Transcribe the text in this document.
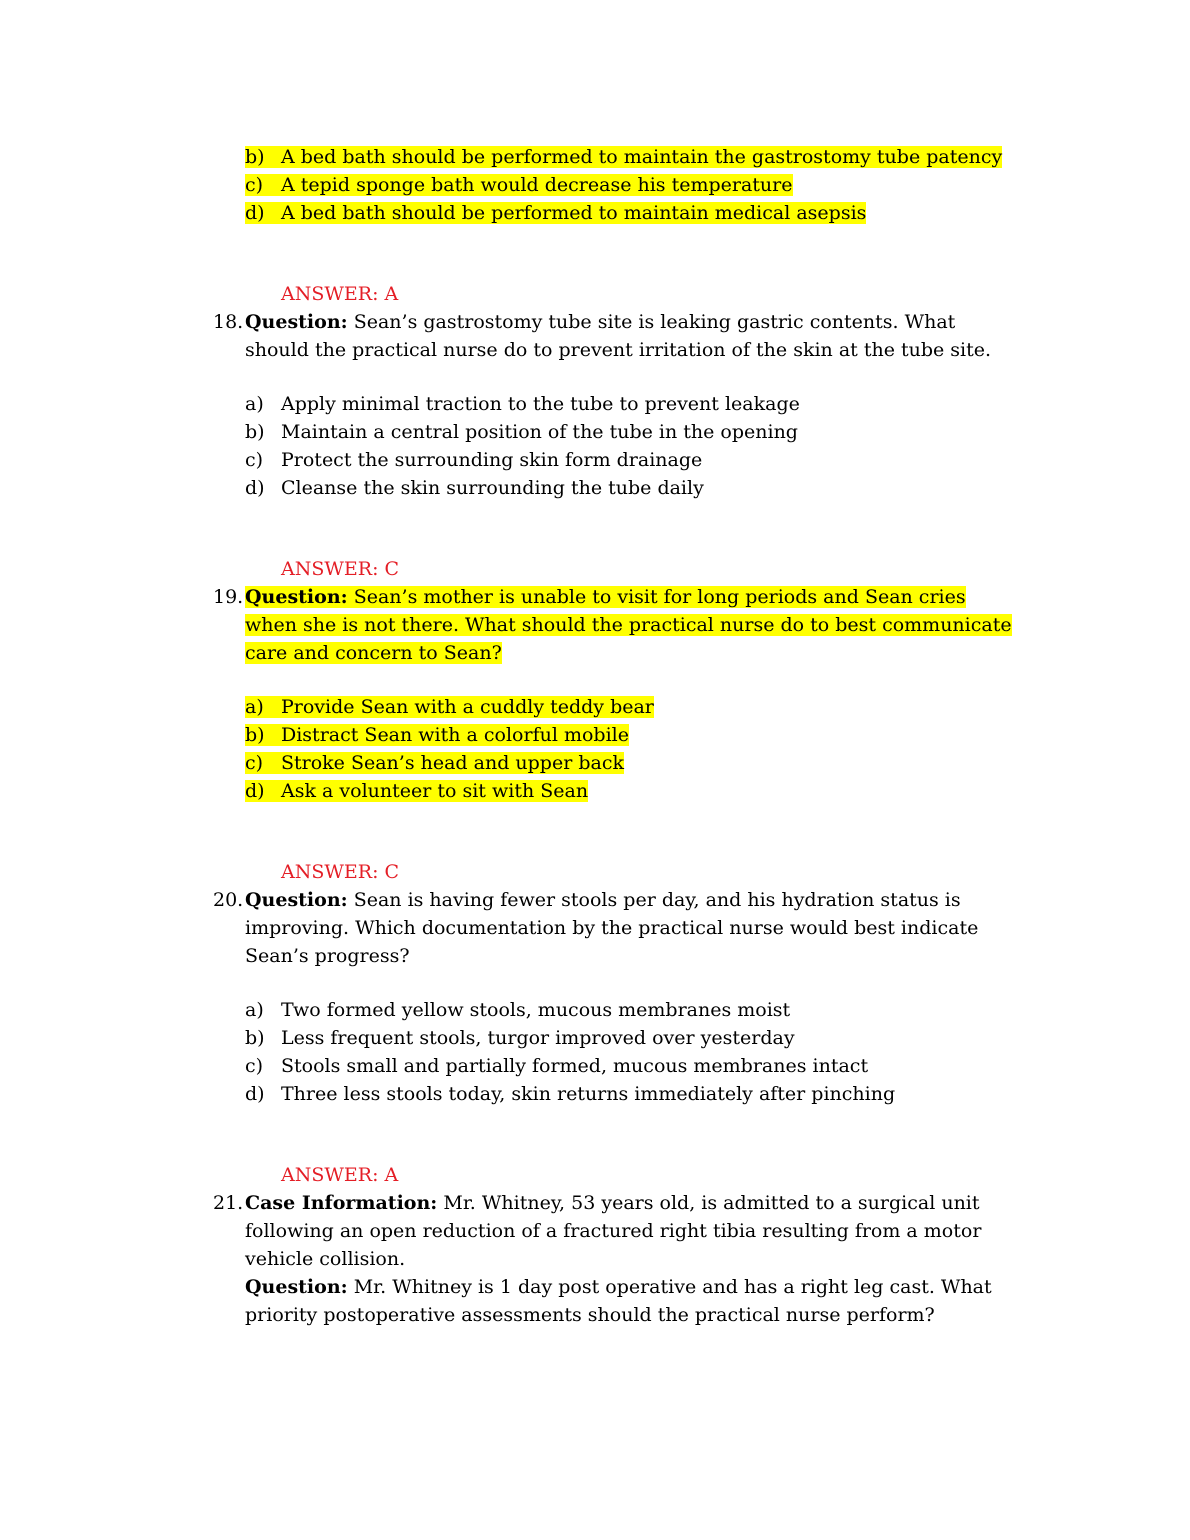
b) A bed bath should be performed to maintain the gastrostomy tube patency
c) A tepid sponge bath would decrease his temperature
d) A bed bath should be performed to maintain medical asepsis
ANSWER: A
18.Question: Sean’s gastrostomy tube site is leaking gastric contents. What should the practical nurse do to prevent irritation of the skin at the tube site.
a) Apply minimal traction to the tube to prevent leakage
b) Maintain a central position of the tube in the opening
c) Protect the surrounding skin form drainage
d) Cleanse the skin surrounding the tube daily
ANSWER: C
19.Question: Sean’s mother is unable to visit for long periods and Sean cries when she is not there. What should the practical nurse do to best communicate care and concern to Sean?
a) Provide Sean with a cuddly teddy bear
b) Distract Sean with a colorful mobile
c) Stroke Sean’s head and upper back
d) Ask a volunteer to sit with Sean
ANSWER: C
20.Question: Sean is having fewer stools per day, and his hydration status is improving. Which documentation by the practical nurse would best indicate Sean’s progress?
a) Two formed yellow stools, mucous membranes moist
b) Less frequent stools, turgor improved over yesterday
c) Stools small and partially formed, mucous membranes intact
d) Three less stools today, skin returns immediately after pinching
ANSWER: A
21.Case Information: Mr. Whitney, 53 years old, is admitted to a surgical unit following an open reduction of a fractured right tibia resulting from a motor vehicle collision.
Question: Mr. Whitney is 1 day post operative and has a right leg cast. What priority postoperative assessments should the practical nurse perform?
